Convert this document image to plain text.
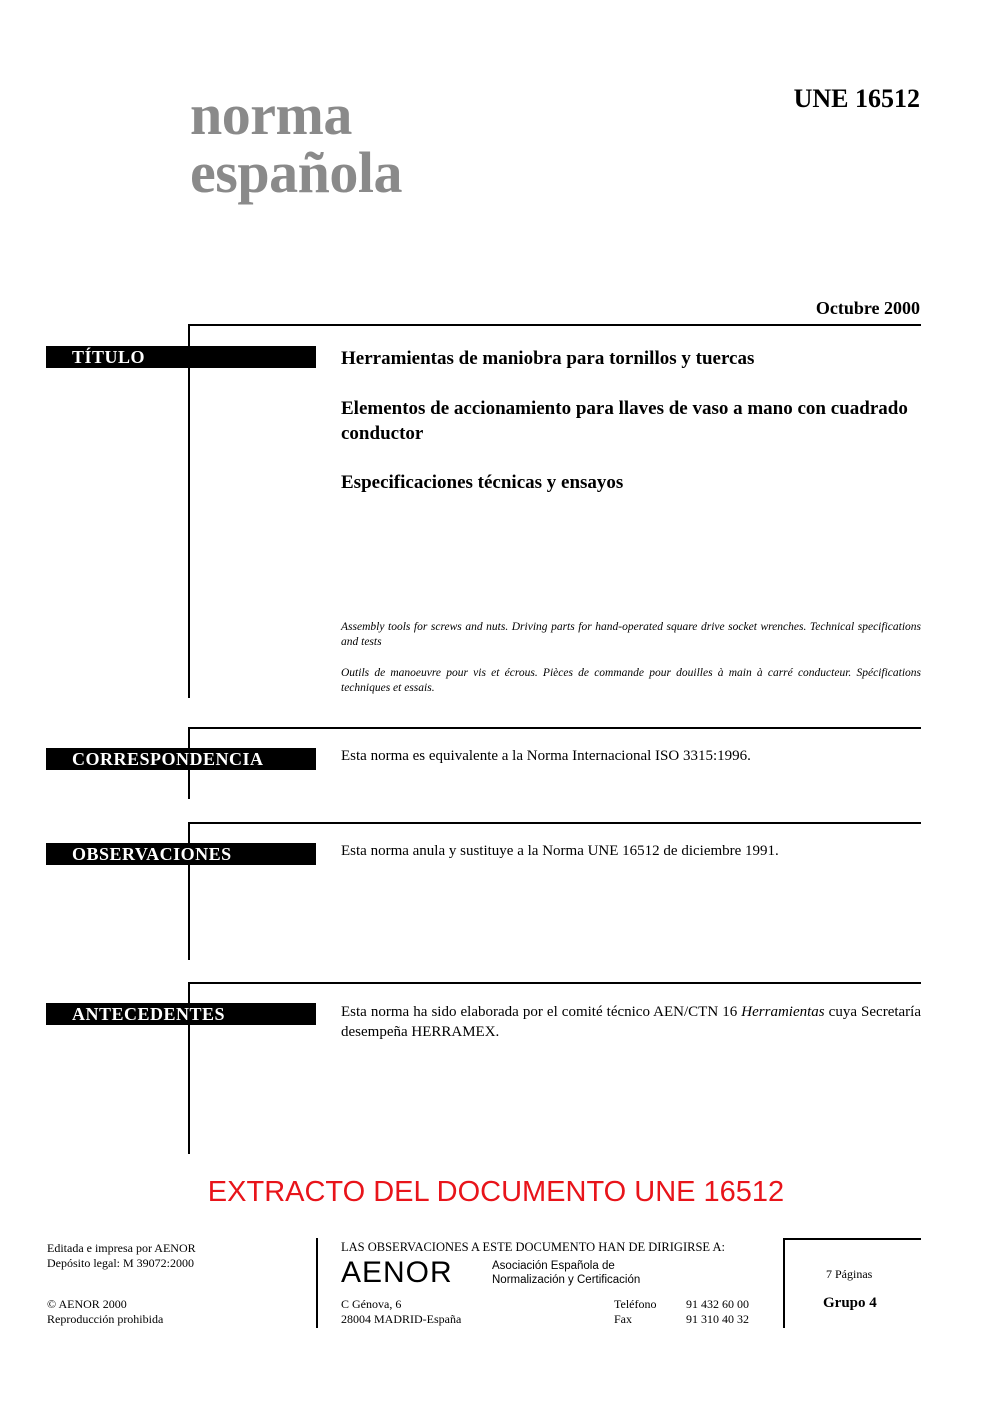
norma
española
UNE 16512
Octubre 2000
TÍTULO	Herramientas de maniobra para tornillos y tuercas
Elementos de accionamiento para llaves de vaso a mano con cuadrado conductor
Especificaciones técnicas y ensayos
Assembly tools for screws and nuts. Driving parts for hand-operated square drive socket wrenches. Technical specifications and tests
Outils de manoeuvre pour vis et écrous. Pièces de commande pour douilles à main à carré conducteur. Spécifications techniques et essais.
CORRESPONDENCIA	Esta norma es equivalente a la Norma Internacional ISO 3315:1996.
OBSERVACIONES	Esta norma anula y sustituye a la Norma UNE 16512 de diciembre 1991.
ANTECEDENTES	Esta norma ha sido elaborada por el comité técnico AEN/CTN 16 Herramientas cuya Secretaría desempeña HERRAMEX.
EXTRACTO DEL DOCUMENTO UNE 16512
Editada e impresa por AENOR
Depósito legal: M 39072:2000
© AENOR 2000
Reproducción prohibida
LAS OBSERVACIONES A ESTE DOCUMENTO HAN DE DIRIGIRSE A:
AENOR	Asociación Española de
Normalización y Certificación
C Génova, 6
28004 MADRID-España
Teléfono 91 432 60 00
Fax	91 310 40 32
7 Páginas
Grupo 4
